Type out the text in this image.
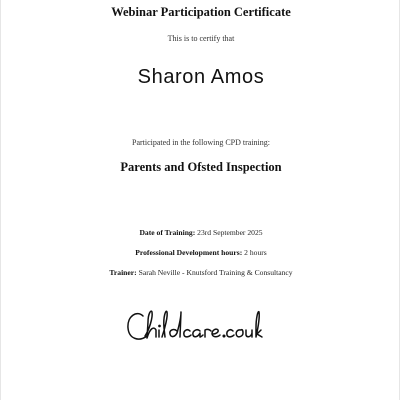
Webinar Participation Certificate
This is to certify that
Sharon Amos
Participated in the following CPD training:
Parents and Ofsted Inspection
Date of Training: 23rd September 2025
Professional Development hours: 2 hours
Trainer: Sarah Neville - Knutsford Training & Consultancy
